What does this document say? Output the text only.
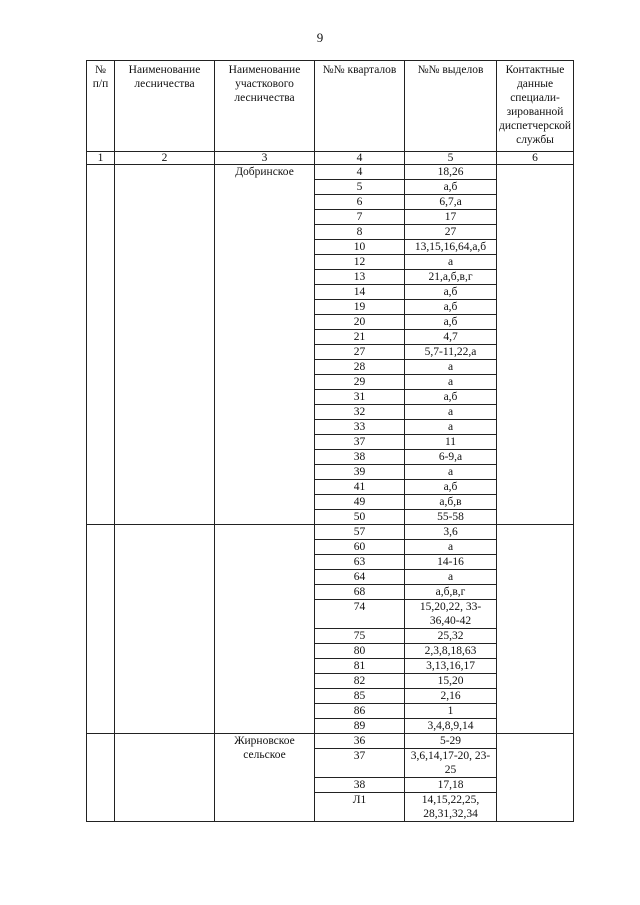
9
№ п/п	Наименование лесничества	Наименование участкового лесничества	№№ кварталов	№№ выделов	Контактные данные специали-зированной диспетчерской службы
1	2	3	4	5	6
		Добринское	4	18,26	
			5	а,б	
			6	6,7,а	
			7	17	
			8	27	
			10	13,15,16,64,а,б	
			12	а	
			13	21,а,б,в,г	
			14	а,б	
			19	а,б	
			20	а,б	
			21	4,7	
			27	5,7-11,22,а	
			28	а	
			29	а	
			31	а,б	
			32	а	
			33	а	
			37	11	
			38	6-9,а	
			39	а	
			41	а,б	
			49	а,б,в	
			50	55-58	
			57	3,6	
			60	а	
			63	14-16	
			64	а	
			68	а,б,в,г	
			74	15,20,22, 33-36,40-42	
			75	25,32	
			80	2,3,8,18,63	
			81	3,13,16,17	
			82	15,20	
			85	2,16	
			86	1	
			89	3,4,8,9,14	
		Жирновское сельское	36	5-29	
			37	3,6,14,17-20, 23-25	
			38	17,18	
			Л1	14,15,22,25, 28,31,32,34	
